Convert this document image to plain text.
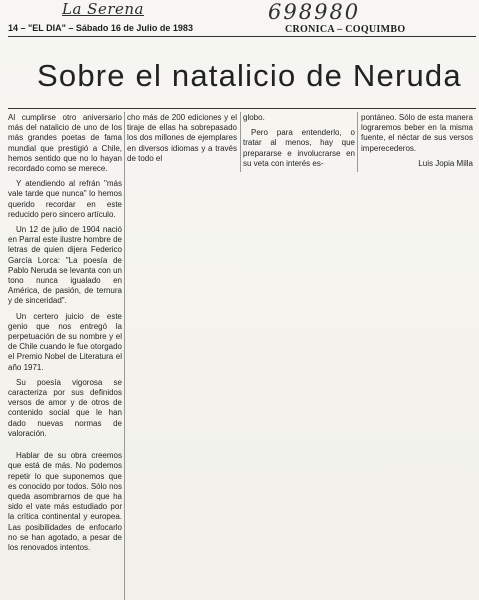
La Serena	698980
14 – "EL DIA" – Sábado 16 de Julio de 1983	CRONICA – COQUIMBO
Sobre el natalicio de Neruda

Al cumplirse otro aniversario más del natalicio de uno de los más grandes poetas de fama mundial que prestigió a Chile, hemos sentido que no lo hayan recordado como se merece.

Y atendiendo al refrán "más vale tarde que nunca" lo hemos querido recordar en este reducido pero sincero artículo.

Un 12 de julio de 1904 nació en Parral este ilustre hombre de letras de quien dijera Federico García Lorca: "La poesía de Pablo Neruda se levanta con un tono nunca igualado en América, de pasión, de ternura y de sinceridad".

Un certero juicio de este genio que nos entregó la perpetuación de su nombre y el de Chile cuando le fue otorgado el Premio Nobel de Literatura el año 1971.

Su poesía vigorosa se caracteriza por sus definidos versos de amor y de otros de contenido social que le han dado nuevas normas de valoración.

Hablar de su obra creemos que está de más. No podemos repetir lo que suponemos que es conocido por todos. Sólo nos queda asombrarnos de que ha sido el vate más estudiado por la crítica continental y europea. Las posibilidades de enfocarlo no se han agotado, a pesar de los renovados intentos.

cho más de 200 ediciones y el tiraje de ellas ha sobrepasado los dos millones de ejemplares en diversos idiomas y a través de todo el

globo.

Pero para entenderlo, o tratar al menos, hay que prepararse e involucrarse en su veta con interés es-

pontáneo. Sólo de esta manera lograremos beber en la misma fuente, el néctar de sus versos imperecederos.

Luis Jopia Milla
